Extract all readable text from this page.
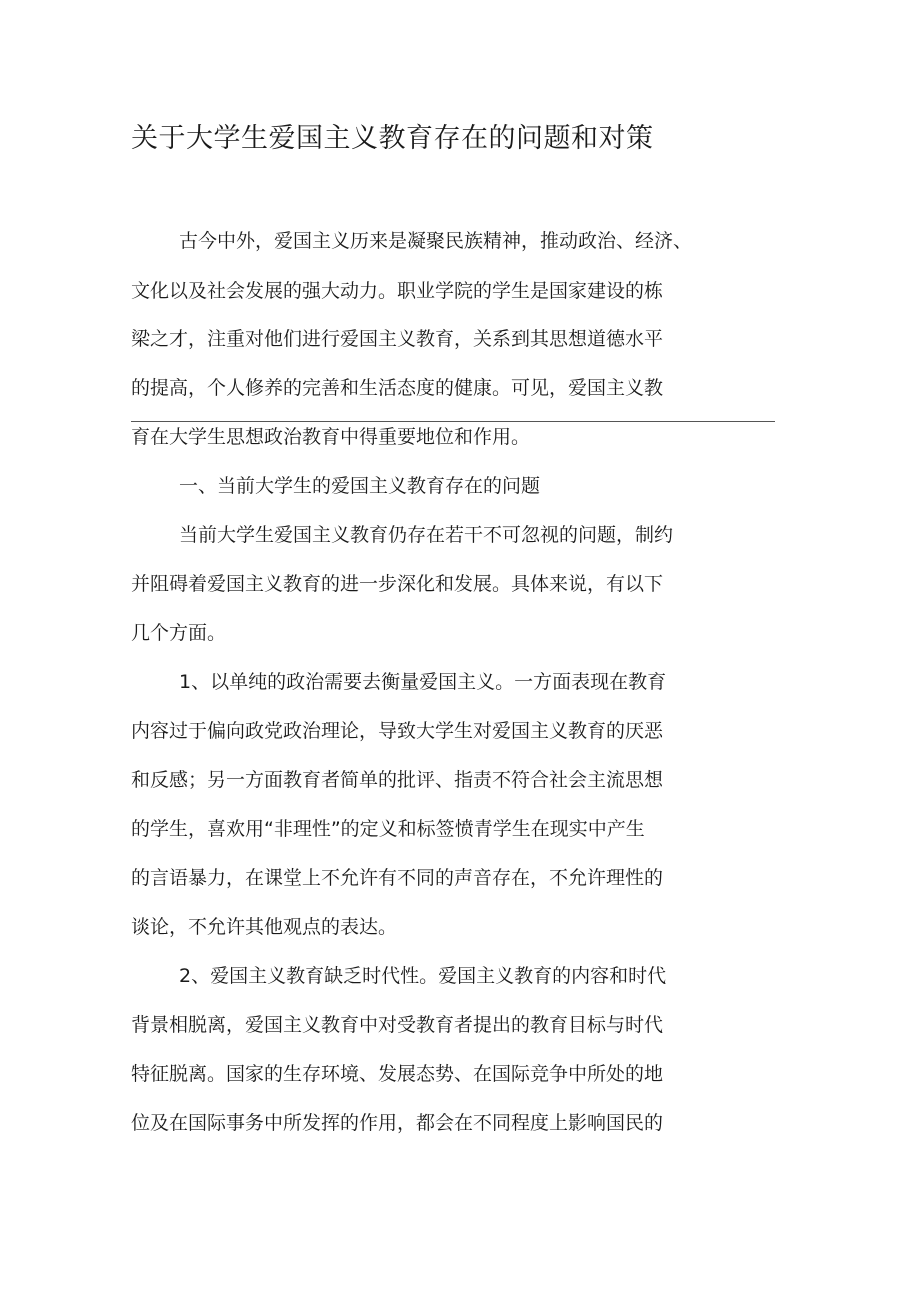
关于大学生爱国主义教育存在的问题和对策
古今中外，爱国主义历来是凝聚民族精神，推动政治、经济、
文化以及社会发展的强大动力。职业学院的学生是国家建设的栋
梁之才，注重对他们进行爱国主义教育，关系到其思想道德水平
的提高，个人修养的完善和生活态度的健康。可见，爱国主义教
育在大学生思想政治教育中得重要地位和作用。
一、当前大学生的爱国主义教育存在的问题
当前大学生爱国主义教育仍存在若干不可忽视的问题，制约
并阻碍着爱国主义教育的进一步深化和发展。具体来说，有以下
几个方面。
1、以单纯的政治需要去衡量爱国主义。一方面表现在教育
内容过于偏向政党政治理论，导致大学生对爱国主义教育的厌恶
和反感；另一方面教育者简单的批评、指责不符合社会主流思想
的学生，喜欢用“非理性”的定义和标签愤青学生在现实中产生
的言语暴力，在课堂上不允许有不同的声音存在，不允许理性的
谈论，不允许其他观点的表达。
2、爱国主义教育缺乏时代性。爱国主义教育的内容和时代
背景相脱离，爱国主义教育中对受教育者提出的教育目标与时代
特征脱离。国家的生存环境、发展态势、在国际竞争中所处的地
位及在国际事务中所发挥的作用，都会在不同程度上影响国民的
